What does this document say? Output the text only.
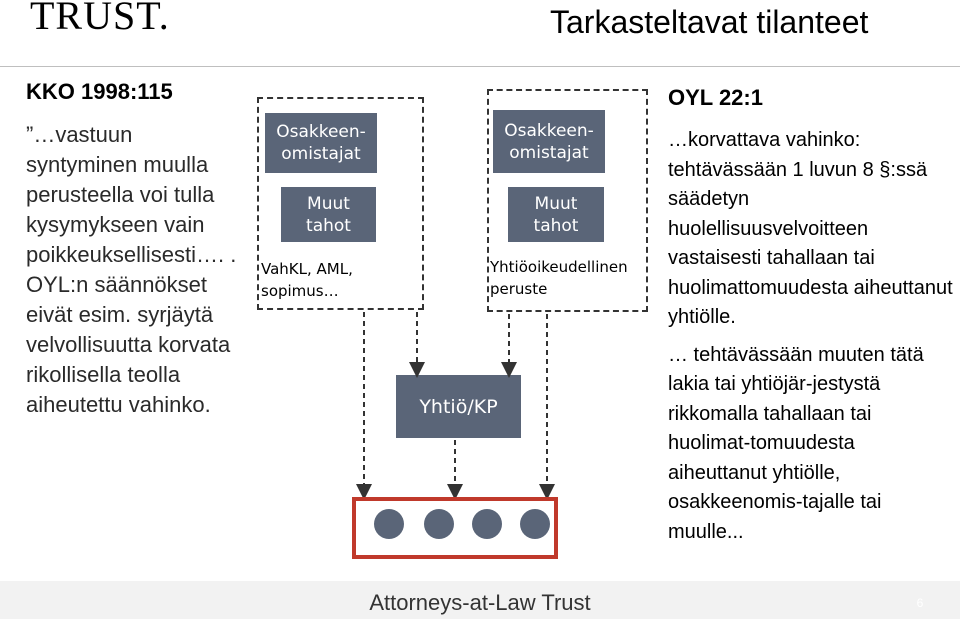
TRUST.	Tarkasteltavat tilanteet
KKO 1998:115
”…vastuun syntyminen muulla perusteella voi tulla kysymykseen vain poikkeuksellisesti…. . OYL:n säännökset eivät esim. syrjäytä velvollisuutta korvata rikollisella teolla aiheutettu vahinko.
Osakkeen-
omistajat
Muut
tahot
VahKL, AML,
sopimus…
Osakkeen-
omistajat
Muut
tahot
Yhtiöoikeudellinen
peruste
Yhtiö/KP
OYL 22:1

…korvattava vahinko: tehtävässään 1 luvun 8 §:ssä säädetyn huolellisuusvelvoitteen vastaisesti tahallaan tai huolimattomuudesta aiheuttanut yhtiölle.

… tehtävässään muuten tätä lakia tai yhtiöjär-jestystä rikkomalla tahallaan tai huolimat-tomuudesta aiheuttanut yhtiölle, osakkeenomis-tajalle tai muulle...

Attorneys-at-Law Trust	6
